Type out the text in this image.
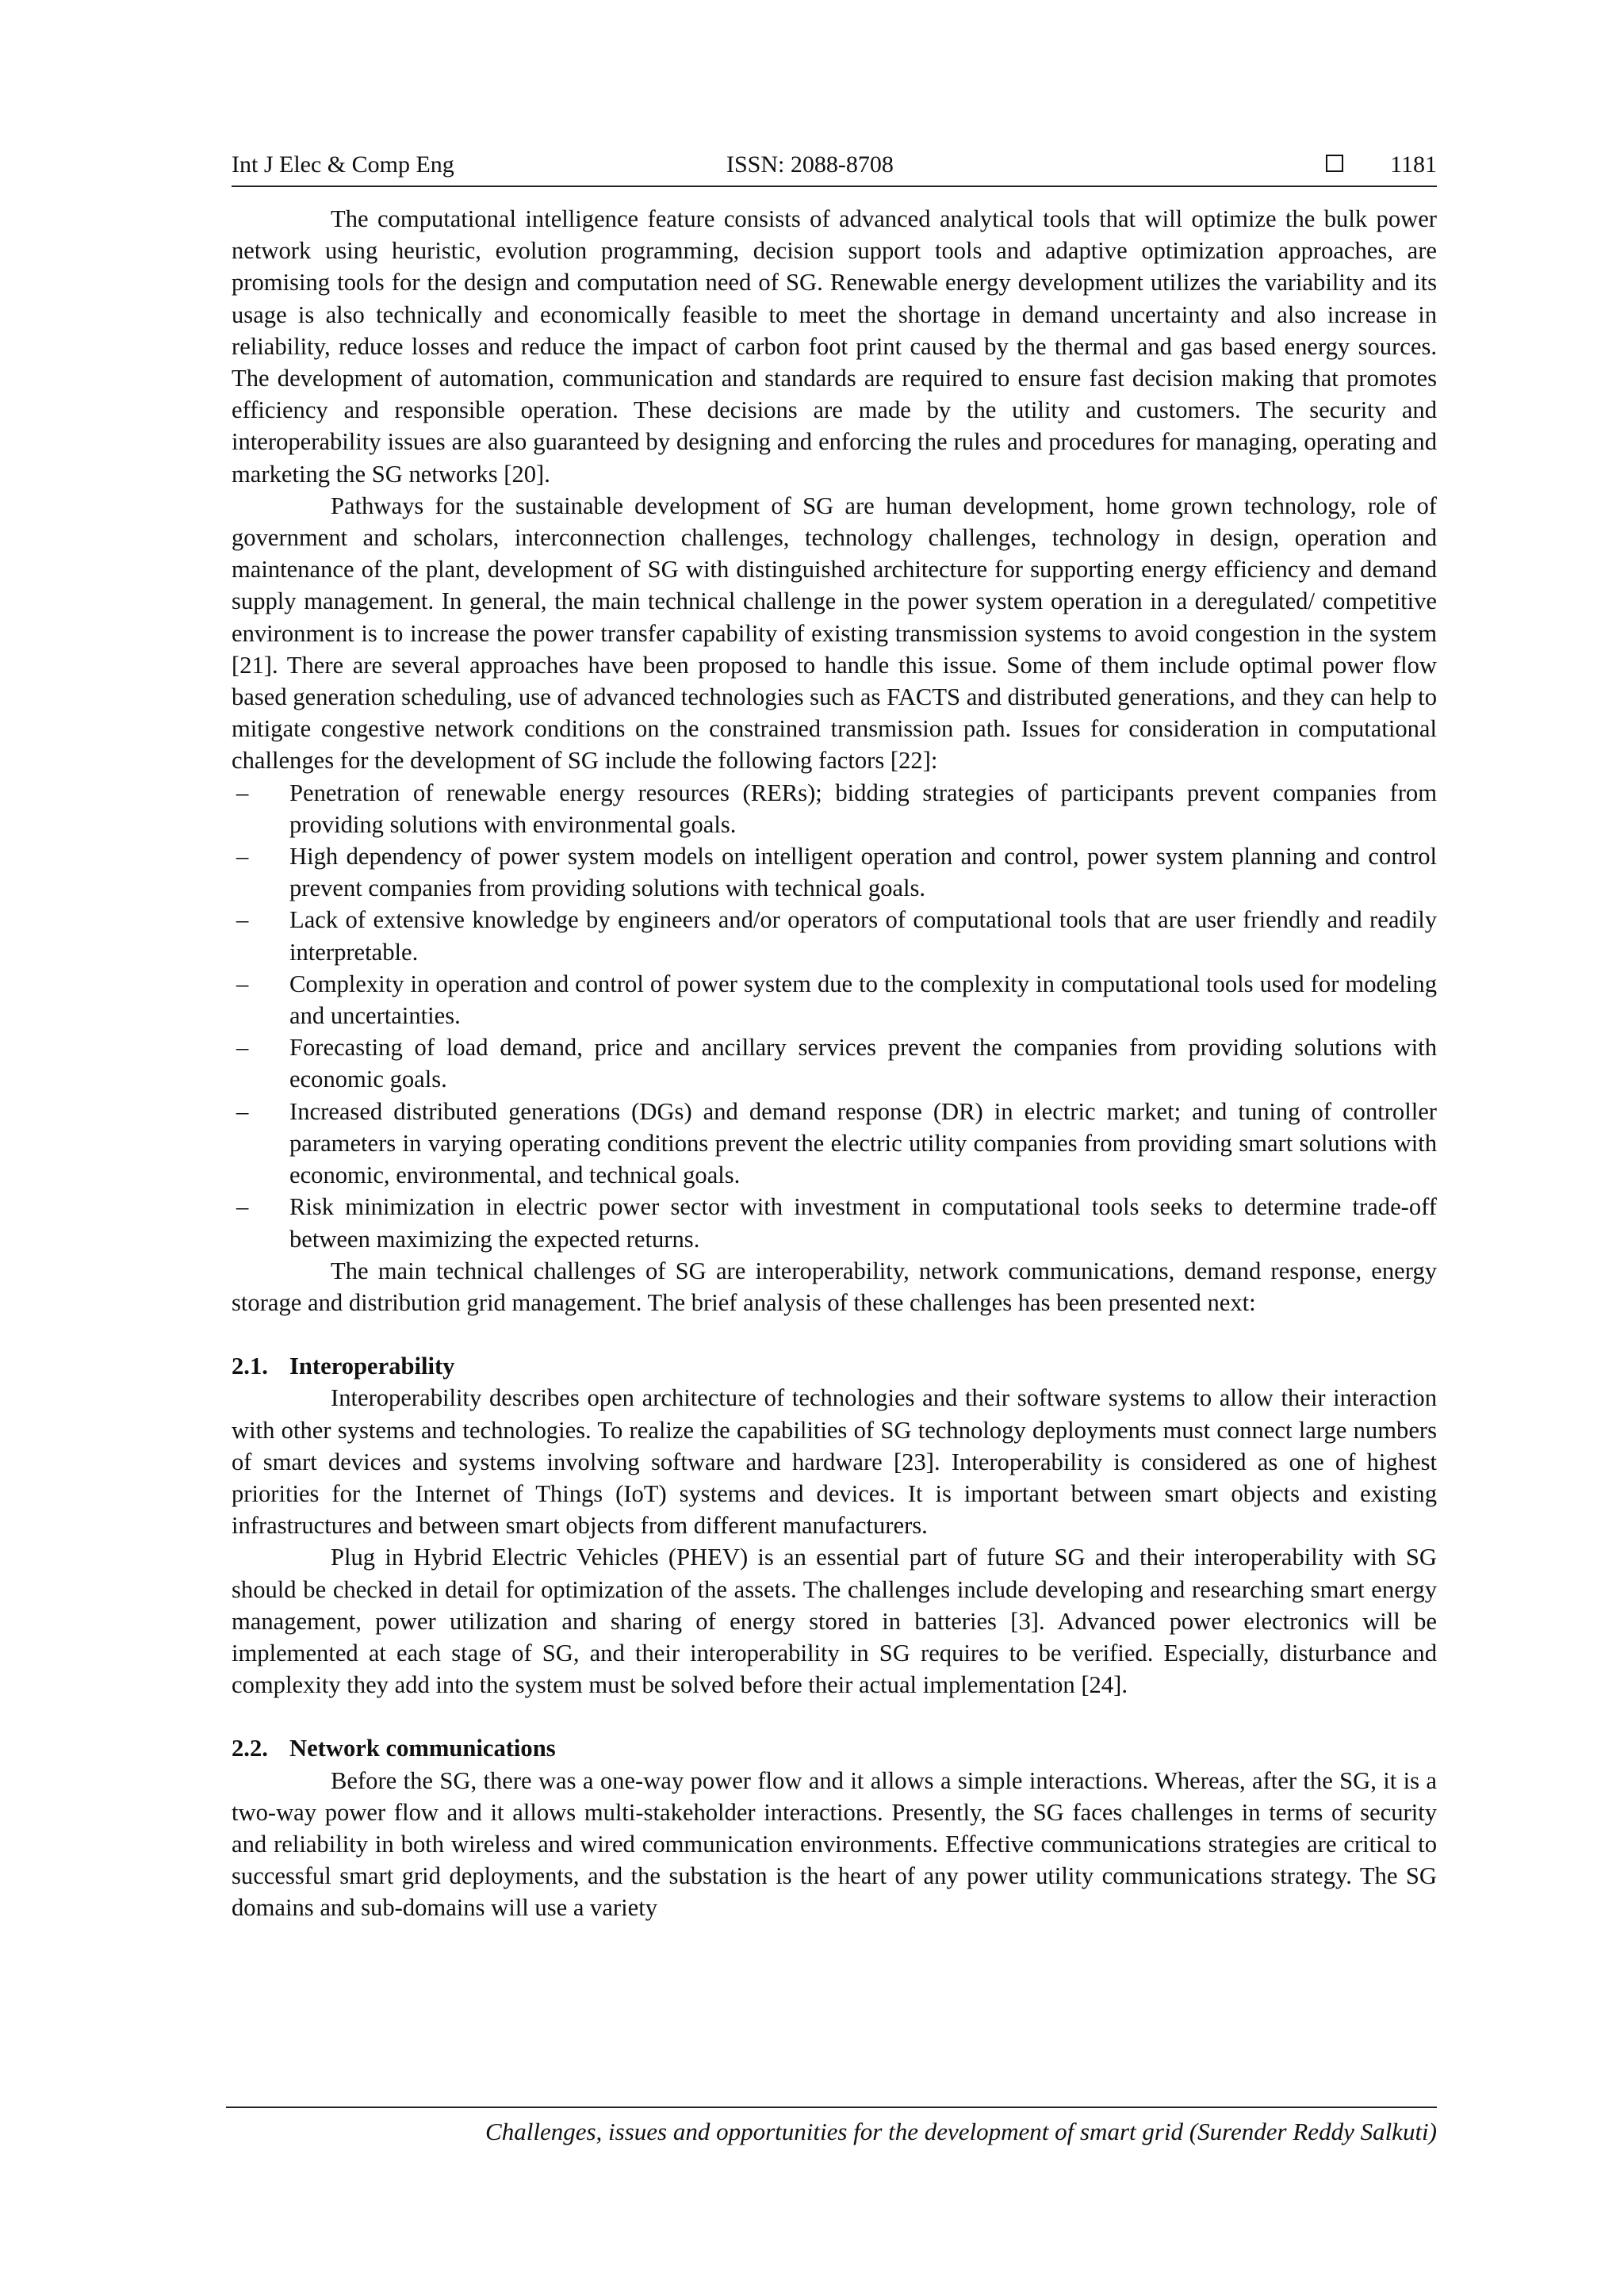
Int J Elec & Comp Eng	ISSN: 2088-8708	1181

The computational intelligence feature consists of advanced analytical tools that will optimize the bulk power network using heuristic, evolution programming, decision support tools and adaptive optimization approaches, are promising tools for the design and computation need of SG. Renewable energy development utilizes the variability and its usage is also technically and economically feasible to meet the shortage in demand uncertainty and also increase in reliability, reduce losses and reduce the impact of carbon foot print caused by the thermal and gas based energy sources. The development of automation, communication and standards are required to ensure fast decision making that promotes efficiency and responsible operation. These decisions are made by the utility and customers. The security and interoperability issues are also guaranteed by designing and enforcing the rules and procedures for managing, operating and marketing the SG networks [20].

Pathways for the sustainable development of SG are human development, home grown technology, role of government and scholars, interconnection challenges, technology challenges, technology in design, operation and maintenance of the plant, development of SG with distinguished architecture for supporting energy efficiency and demand supply management. In general, the main technical challenge in the power system operation in a deregulated/ competitive environment is to increase the power transfer capability of existing transmission systems to avoid congestion in the system [21]. There are several approaches have been proposed to handle this issue. Some of them include optimal power flow based generation scheduling, use of advanced technologies such as FACTS and distributed generations, and they can help to mitigate congestive network conditions on the constrained transmission path. Issues for consideration in computational challenges for the development of SG include the following factors [22]:

– Penetration of renewable energy resources (RERs); bidding strategies of participants prevent companies from providing solutions with environmental goals.
– High dependency of power system models on intelligent operation and control, power system planning and control prevent companies from providing solutions with technical goals.
– Lack of extensive knowledge by engineers and/or operators of computational tools that are user friendly and readily interpretable.
– Complexity in operation and control of power system due to the complexity in computational tools used for modeling and uncertainties.
– Forecasting of load demand, price and ancillary services prevent the companies from providing solutions with economic goals.
– Increased distributed generations (DGs) and demand response (DR) in electric market; and tuning of controller parameters in varying operating conditions prevent the electric utility companies from providing smart solutions with economic, environmental, and technical goals.
– Risk minimization in electric power sector with investment in computational tools seeks to determine trade-off between maximizing the expected returns.

The main technical challenges of SG are interoperability, network communications, demand response, energy storage and distribution grid management. The brief analysis of these challenges has been presented next:

2.1. Interoperability

Interoperability describes open architecture of technologies and their software systems to allow their interaction with other systems and technologies. To realize the capabilities of SG technology deployments must connect large numbers of smart devices and systems involving software and hardware [23]. Interoperability is considered as one of highest priorities for the Internet of Things (IoT) systems and devices. It is important between smart objects and existing infrastructures and between smart objects from different manufacturers.

Plug in Hybrid Electric Vehicles (PHEV) is an essential part of future SG and their interoperability with SG should be checked in detail for optimization of the assets. The challenges include developing and researching smart energy management, power utilization and sharing of energy stored in batteries [3]. Advanced power electronics will be implemented at each stage of SG, and their interoperability in SG requires to be verified. Especially, disturbance and complexity they add into the system must be solved before their actual implementation [24].

2.2. Network communications

Before the SG, there was a one-way power flow and it allows a simple interactions. Whereas, after the SG, it is a two-way power flow and it allows multi-stakeholder interactions. Presently, the SG faces challenges in terms of security and reliability in both wireless and wired communication environments. Effective communications strategies are critical to successful smart grid deployments, and the substation is the heart of any power utility communications strategy. The SG domains and sub-domains will use a variety

Challenges, issues and opportunities for the development of smart grid (Surender Reddy Salkuti)
